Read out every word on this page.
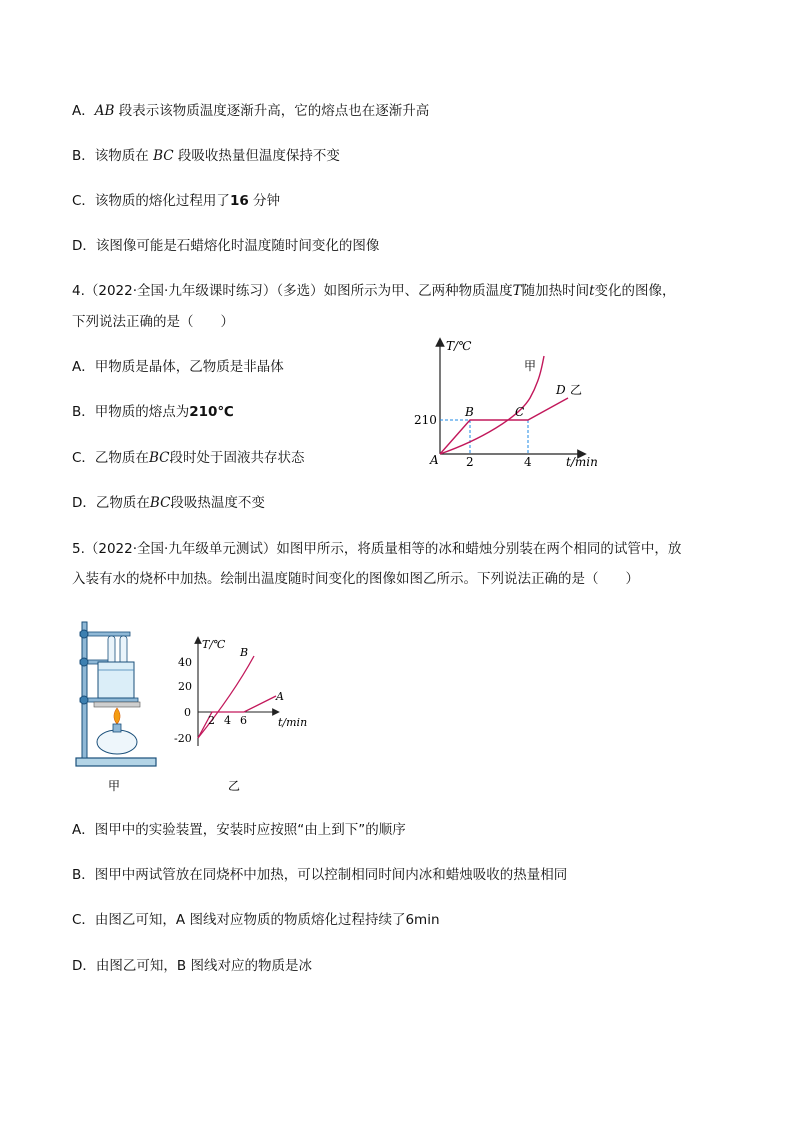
A．AB 段表示该物质温度逐渐升高，它的熔点也在逐渐升高
B．该物质在 BC 段吸收热量但温度保持不变
C．该物质的熔化过程用了16 分钟
D．该图像可能是石蜡熔化时温度随时间变化的图像
4.（2022·全国·九年级课时练习）（多选）如图所示为甲、乙两种物质温度T随加热时间t变化的图像，
下列说法正确的是（　　）
A．甲物质是晶体，乙物质是非晶体
B．甲物质的熔点为210℃
C．乙物质在BC段时处于固液共存状态
D．乙物质在BC段吸热温度不变
T/℃
t/min
210
2	4
A
B	C
D
甲
乙
5.（2022·全国·九年级单元测试）如图甲所示，将质量相等的冰和蜡烛分别装在两个相同的试管中，放
入装有水的烧杯中加热。绘制出温度随时间变化的图像如图乙所示。下列说法正确的是（　　）
甲
T/℃
t/min
40
20
0
-20
2 4 6
B
A
乙
A．图甲中的实验装置，安装时应按照“由上到下”的顺序
B．图甲中两试管放在同烧杯中加热，可以控制相同时间内冰和蜡烛吸收的热量相同
C．由图乙可知，A 图线对应物质的物质熔化过程持续了6min
D．由图乙可知，B 图线对应的物质是冰
